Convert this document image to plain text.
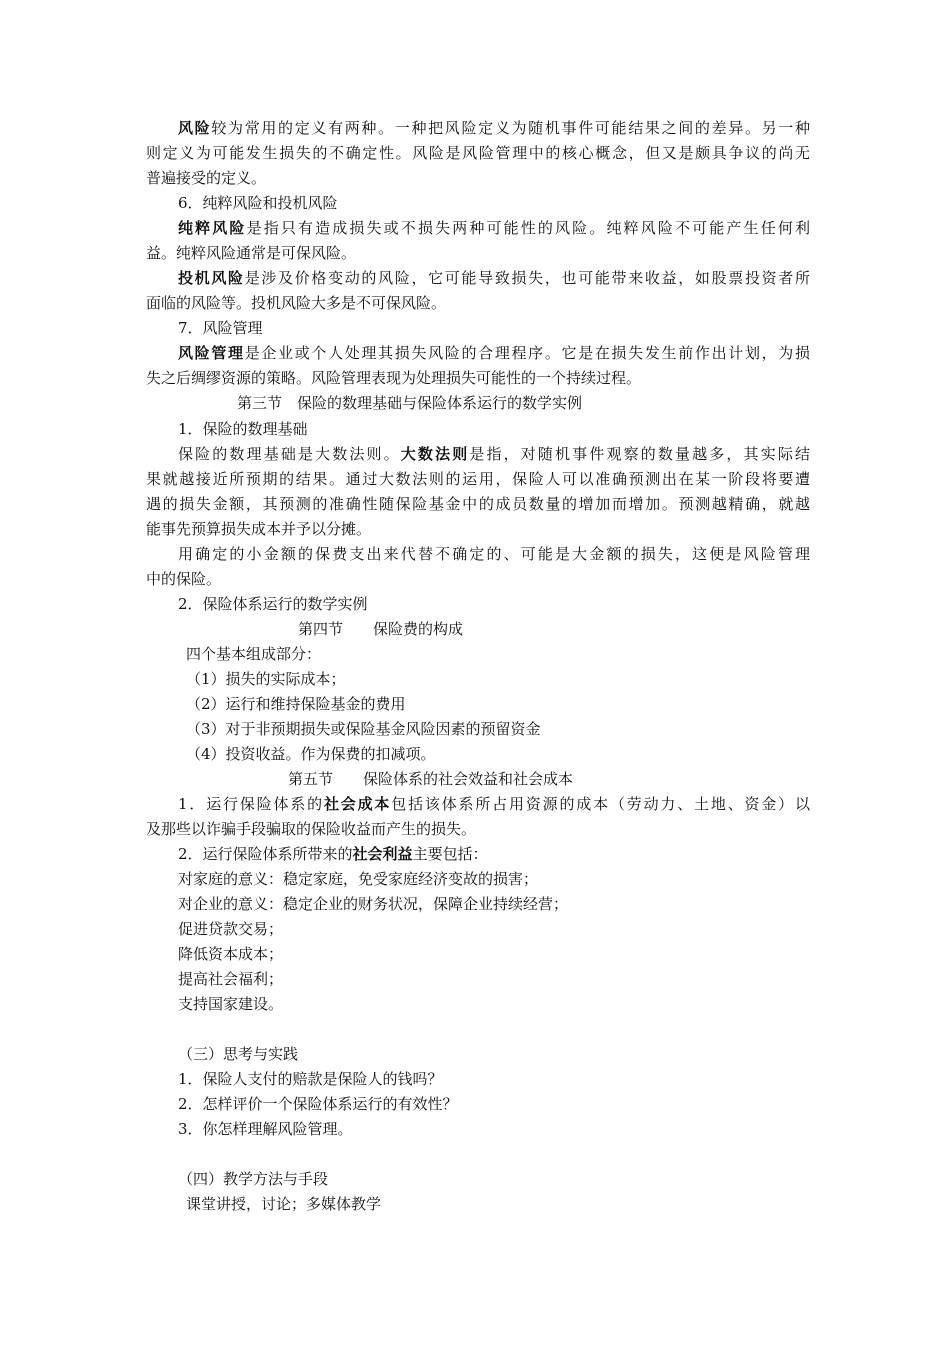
风险较为常用的定义有两种。一种把风险定义为随机事件可能结果之间的差异。另一种
则定义为可能发生损失的不确定性。风险是风险管理中的核心概念，但又是颇具争议的尚无
普遍接受的定义。
6．纯粹风险和投机风险
纯粹风险是指只有造成损失或不损失两种可能性的风险。纯粹风险不可能产生任何利
益。纯粹风险通常是可保风险。
投机风险是涉及价格变动的风险，它可能导致损失，也可能带来收益，如股票投资者所
面临的风险等。投机风险大多是不可保风险。
7．风险管理
风险管理是企业或个人处理其损失风险的合理程序。它是在损失发生前作出计划，为损
失之后绸缪资源的策略。风险管理表现为处理损失可能性的一个持续过程。
第三节　保险的数理基础与保险体系运行的数学实例
1．保险的数理基础
保险的数理基础是大数法则。大数法则是指，对随机事件观察的数量越多，其实际结
果就越接近所预期的结果。通过大数法则的运用，保险人可以准确预测出在某一阶段将要遭
遇的损失金额，其预测的准确性随保险基金中的成员数量的增加而增加。预测越精确，就越
能事先预算损失成本并予以分摊。
用确定的小金额的保费支出来代替不确定的、可能是大金额的损失，这便是风险管理
中的保险。
2．保险体系运行的数学实例
第四节　　保险费的构成
四个基本组成部分：
（1）损失的实际成本；
（2）运行和维持保险基金的费用
（3）对于非预期损失或保险基金风险因素的预留资金
（4）投资收益。作为保费的扣减项。
第五节　　保险体系的社会效益和社会成本
1．运行保险体系的社会成本包括该体系所占用资源的成本（劳动力、土地、资金）以
及那些以诈骗手段骗取的保险收益而产生的损失。
2．运行保险体系所带来的社会利益主要包括：
对家庭的意义：稳定家庭，免受家庭经济变故的损害；
对企业的意义：稳定企业的财务状况，保障企业持续经营；
促进贷款交易；
降低资本成本；
提高社会福利；
支持国家建设。
（三）思考与实践
1．保险人支付的赔款是保险人的钱吗？
2．怎样评价一个保险体系运行的有效性？
3．你怎样理解风险管理。
（四）教学方法与手段
课堂讲授，讨论；多媒体教学
